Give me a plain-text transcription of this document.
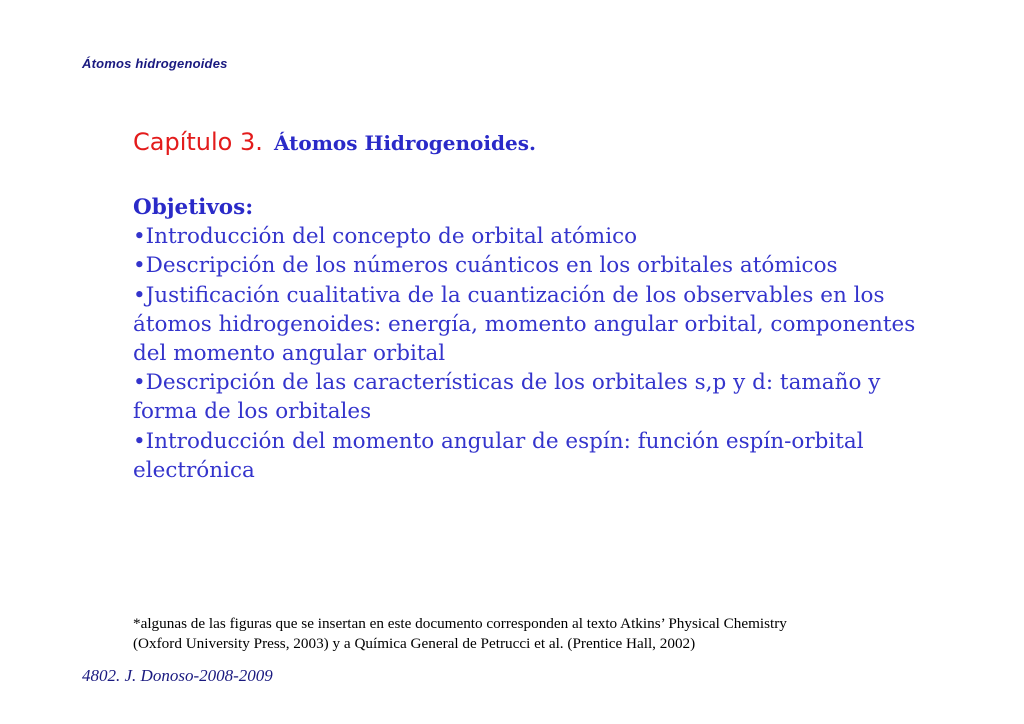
Átomos hidrogenoides
Capítulo 3. Átomos Hidrogenoides.
Objetivos:
•Introducción del concepto de orbital atómico
•Descripción de los números cuánticos en los orbitales atómicos
•Justificación cualitativa de la cuantización de los observables en los átomos hidrogenoides: energía, momento angular orbital, componentes del momento angular orbital
•Descripción de las características de los orbitales s,p y d: tamaño y forma de los orbitales
•Introducción del momento angular de espín: función espín-orbital electrónica
*algunas de las figuras que se insertan en este documento corresponden al texto Atkins’ Physical Chemistry
(Oxford University Press, 2003) y a Química General de Petrucci et al. (Prentice Hall, 2002)
4802. J. Donoso-2008-2009
